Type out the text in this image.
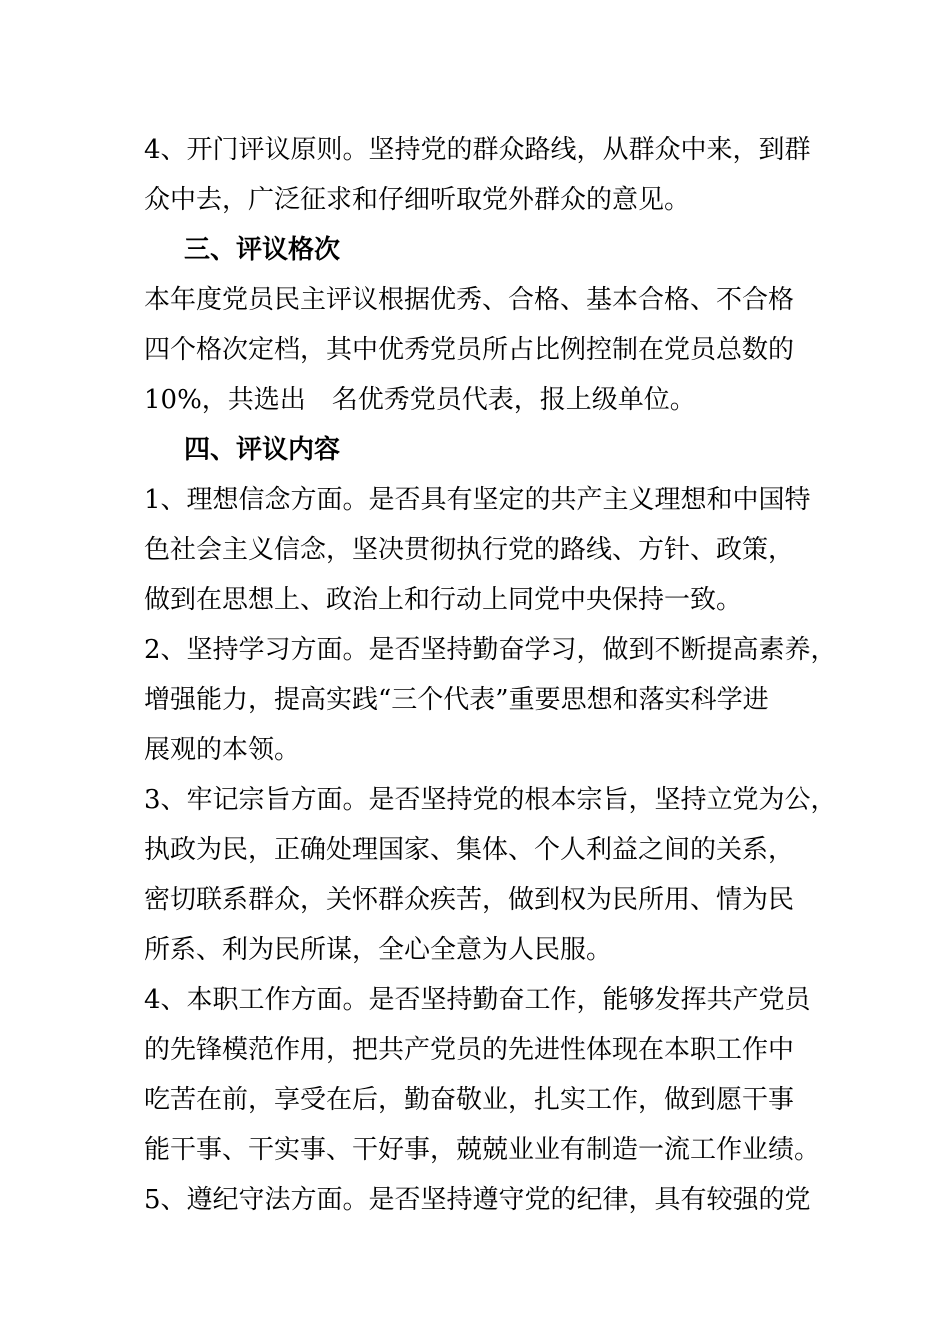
4、开门评议原则。坚持党的群众路线，从群众中来，到群
众中去，广泛征求和仔细听取党外群众的意见。
三、评议格次
本年度党员民主评议根据优秀、合格、基本合格、不合格
四个格次定档，其中优秀党员所占比例控制在党员总数的
10%，共选出　名优秀党员代表，报上级单位。
四、评议内容
1、理想信念方面。是否具有坚定的共产主义理想和中国特
色社会主义信念，坚决贯彻执行党的路线、方针、政策，
做到在思想上、政治上和行动上同党中央保持一致。
2、坚持学习方面。是否坚持勤奋学习，做到不断提高素养，
增强能力，提高实践“三个代表”重要思想和落实科学进
展观的本领。
3、牢记宗旨方面。是否坚持党的根本宗旨，坚持立党为公，
执政为民，正确处理国家、集体、个人利益之间的关系，
密切联系群众，关怀群众疾苦，做到权为民所用、情为民
所系、利为民所谋，全心全意为人民服。
4、本职工作方面。是否坚持勤奋工作，能够发挥共产党员
的先锋模范作用，把共产党员的先进性体现在本职工作中
吃苦在前，享受在后，勤奋敬业，扎实工作，做到愿干事
能干事、干实事、干好事，兢兢业业有制造一流工作业绩。
5、遵纪守法方面。是否坚持遵守党的纪律，具有较强的党
